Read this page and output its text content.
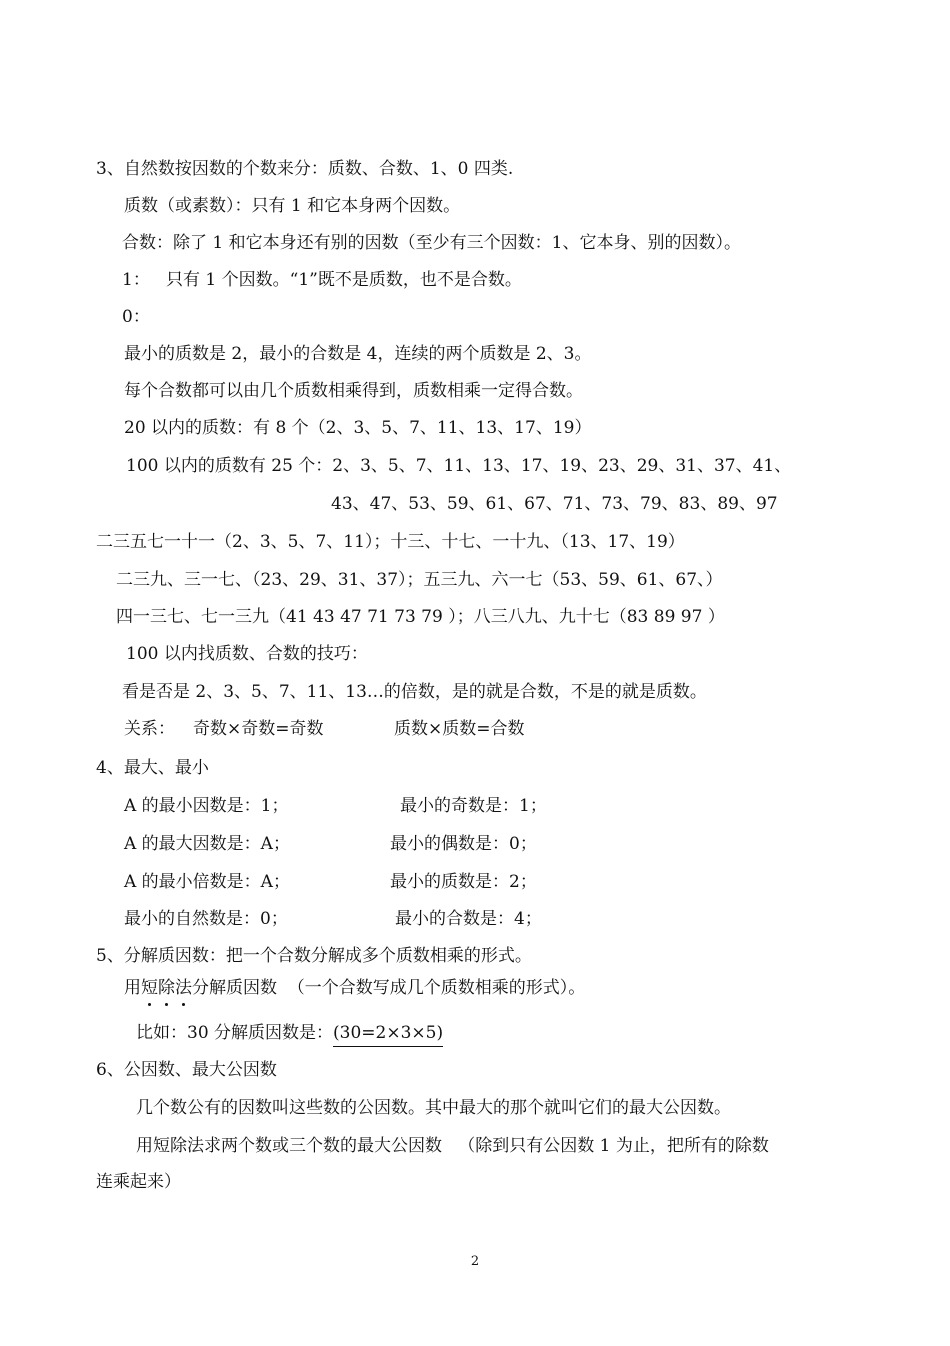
3、自然数按因数的个数来分：质数、合数、1、0 四类.
质数（或素数）：只有 1 和它本身两个因数。
合数：除了 1 和它本身还有别的因数（至少有三个因数：1、它本身、别的因数）。
1：   只有 1 个因数。“1”既不是质数，也不是合数。
0：
最小的质数是 2，最小的合数是 4，连续的两个质数是 2、3。
每个合数都可以由几个质数相乘得到，质数相乘一定得合数。
20 以内的质数：有 8 个（2、3、5、7、11、13、17、19）
100 以内的质数有 25 个：2、3、5、7、11、13、17、19、23、29、31、37、41、
43、47、53、59、61、67、71、73、79、83、89、97
二三五七一十一（2、3、5、7、11）；十三、十七、一十九、（13、17、19）
二三九、三一七、（23、29、31、37）；五三九、六一七（53、59、61、67、）
四一三七、七一三九（41 43 47 71 73 79 ）；八三八九、九十七（83 89 97 ）
100 以内找质数、合数的技巧：
看是否是 2、3、5、7、11、13…的倍数，是的就是合数，不是的就是质数。
关系： 奇数×奇数=奇数	质数×质数=合数
4、最大、最小
A 的最小因数是：1；	最小的奇数是：1；
A 的最大因数是：A；	最小的偶数是：0；
A 的最小倍数是：A；	最小的质数是：2；
最小的自然数是：0；	最小的合数是：4；
5、分解质因数：把一个合数分解成多个质数相乘的形式。
用短除法分解质因数  （一个合数写成几个质数相乘的形式）。
比如：30 分解质因数是：(30=2×3×5)
6、公因数、最大公因数
几个数公有的因数叫这些数的公因数。其中最大的那个就叫它们的最大公因数。
用短除法求两个数或三个数的最大公因数   （除到只有公因数 1 为止，把所有的除数
连乘起来）
2
